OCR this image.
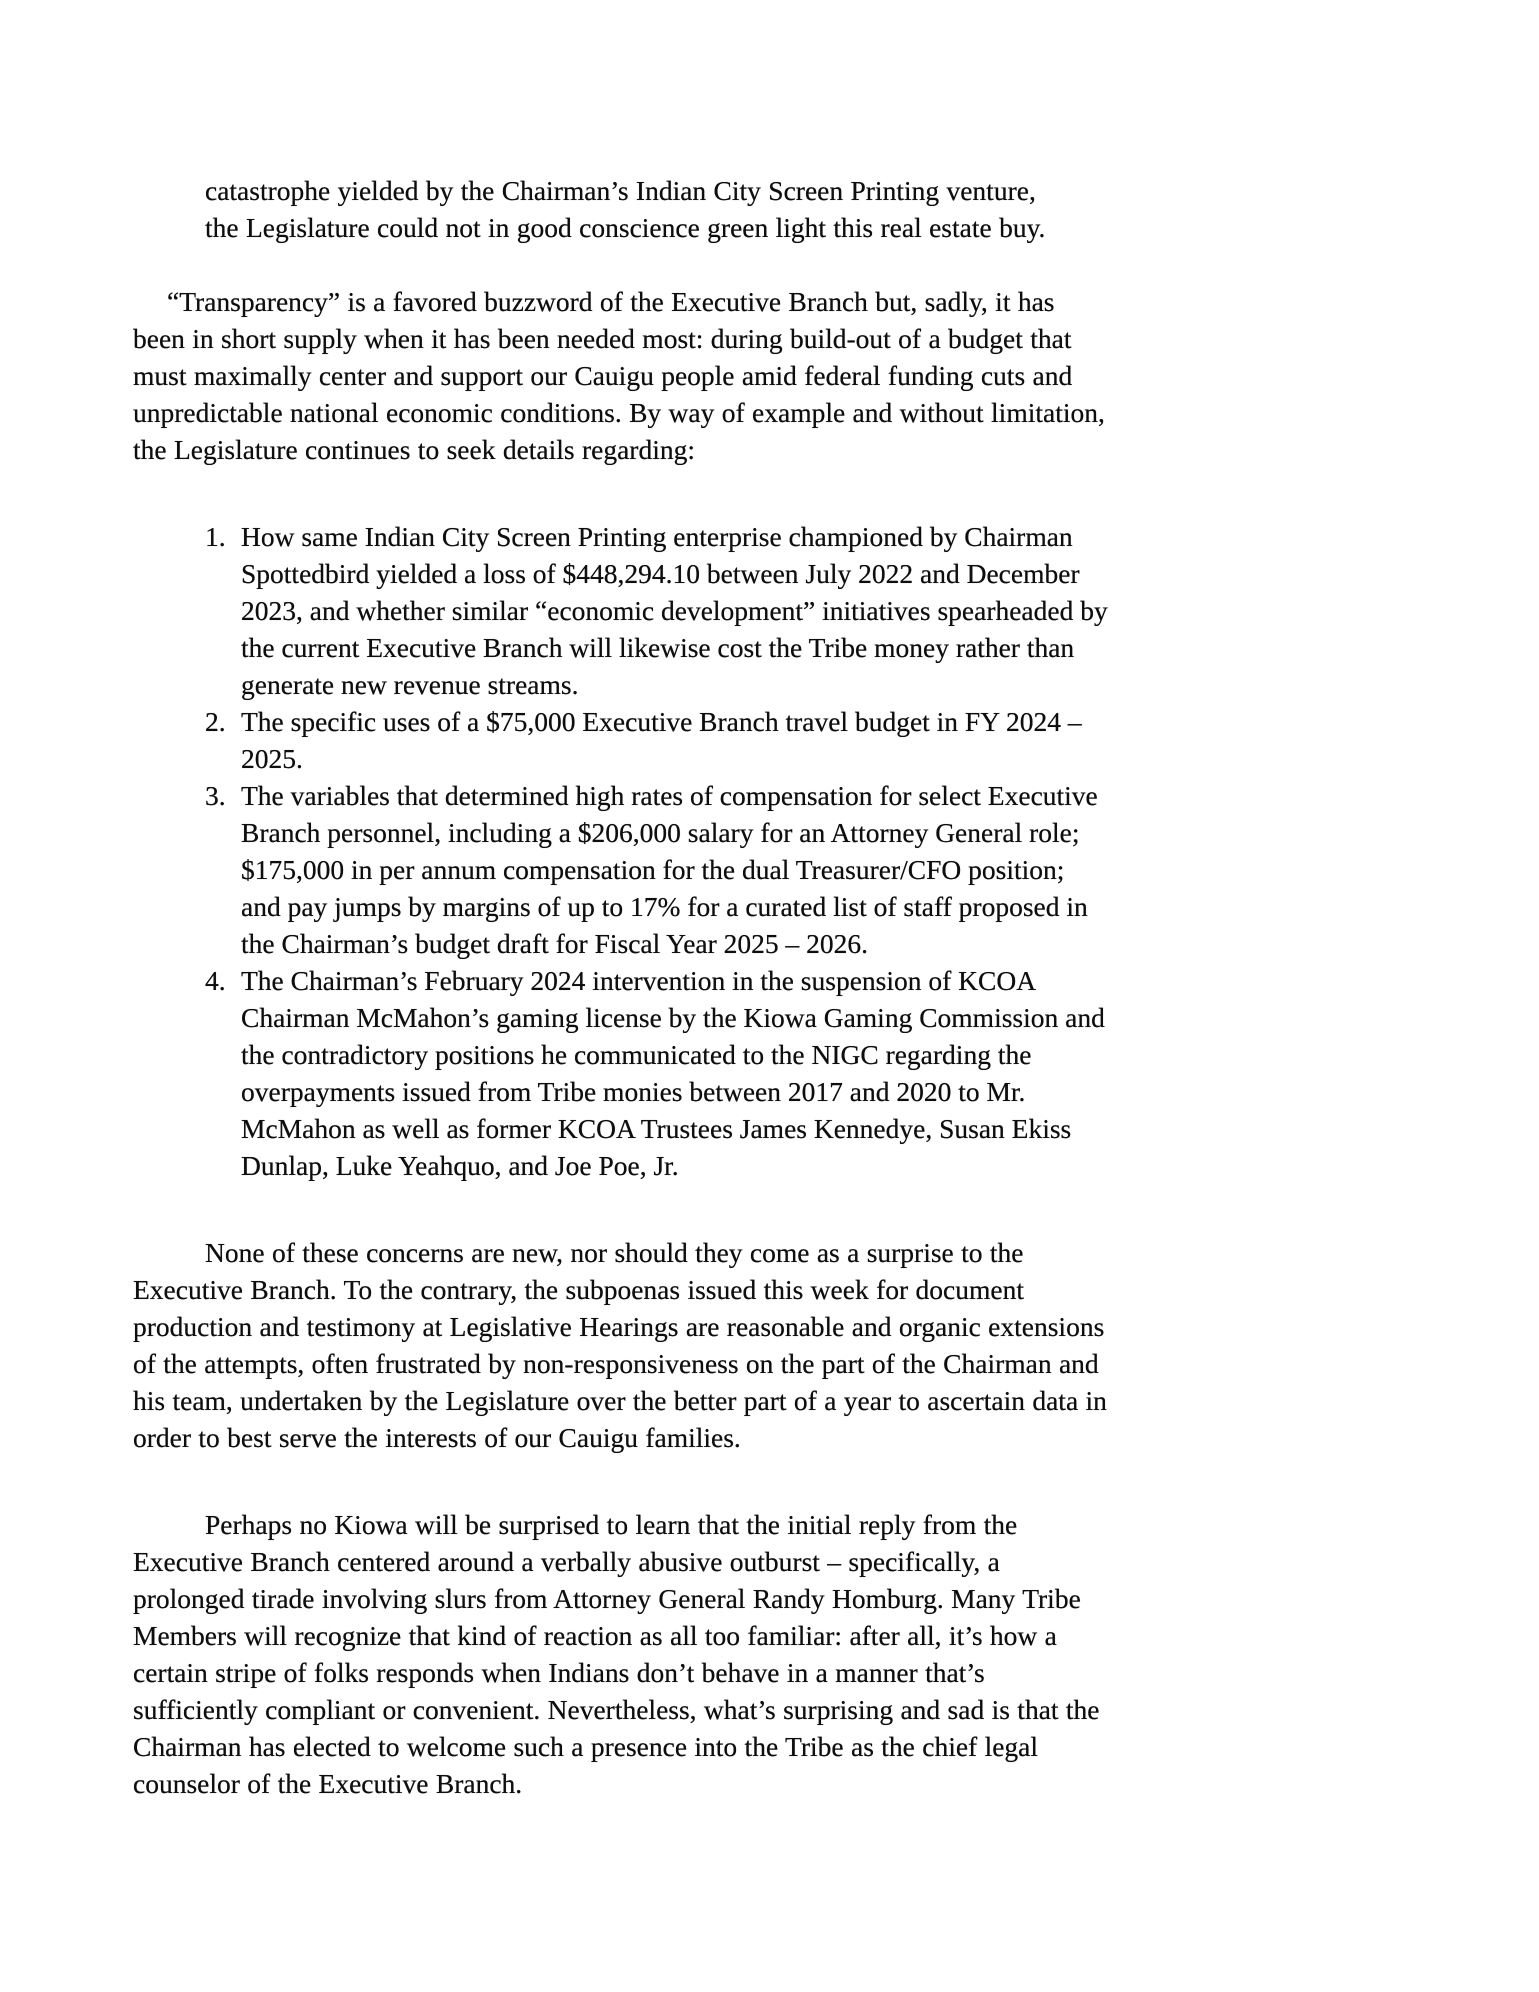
catastrophe yielded by the Chairman’s Indian City Screen Printing venture, the Legislature could not in good conscience green light this real estate buy.

“Transparency” is a favored buzzword of the Executive Branch but, sadly, it has been in short supply when it has been needed most: during build-out of a budget that must maximally center and support our Cauigu people amid federal funding cuts and unpredictable national economic conditions. By way of example and without limitation, the Legislature continues to seek details regarding:

1. How same Indian City Screen Printing enterprise championed by Chairman Spottedbird yielded a loss of $448,294.10 between July 2022 and December 2023, and whether similar “economic development” initiatives spearheaded by the current Executive Branch will likewise cost the Tribe money rather than generate new revenue streams.
2. The specific uses of a $75,000 Executive Branch travel budget in FY 2024 – 2025.
3. The variables that determined high rates of compensation for select Executive Branch personnel, including a $206,000 salary for an Attorney General role; $175,000 in per annum compensation for the dual Treasurer/CFO position; and pay jumps by margins of up to 17% for a curated list of staff proposed in the Chairman’s budget draft for Fiscal Year 2025 – 2026.
4. The Chairman’s February 2024 intervention in the suspension of KCOA Chairman McMahon’s gaming license by the Kiowa Gaming Commission and the contradictory positions he communicated to the NIGC regarding the overpayments issued from Tribe monies between 2017 and 2020 to Mr. McMahon as well as former KCOA Trustees James Kennedye, Susan Ekiss Dunlap, Luke Yeahquo, and Joe Poe, Jr.

None of these concerns are new, nor should they come as a surprise to the Executive Branch. To the contrary, the subpoenas issued this week for document production and testimony at Legislative Hearings are reasonable and organic extensions of the attempts, often frustrated by non-responsiveness on the part of the Chairman and his team, undertaken by the Legislature over the better part of a year to ascertain data in order to best serve the interests of our Cauigu families.

Perhaps no Kiowa will be surprised to learn that the initial reply from the Executive Branch centered around a verbally abusive outburst – specifically, a prolonged tirade involving slurs from Attorney General Randy Homburg. Many Tribe Members will recognize that kind of reaction as all too familiar: after all, it’s how a certain stripe of folks responds when Indians don’t behave in a manner that’s sufficiently compliant or convenient. Nevertheless, what’s surprising and sad is that the Chairman has elected to welcome such a presence into the Tribe as the chief legal counselor of the Executive Branch.
